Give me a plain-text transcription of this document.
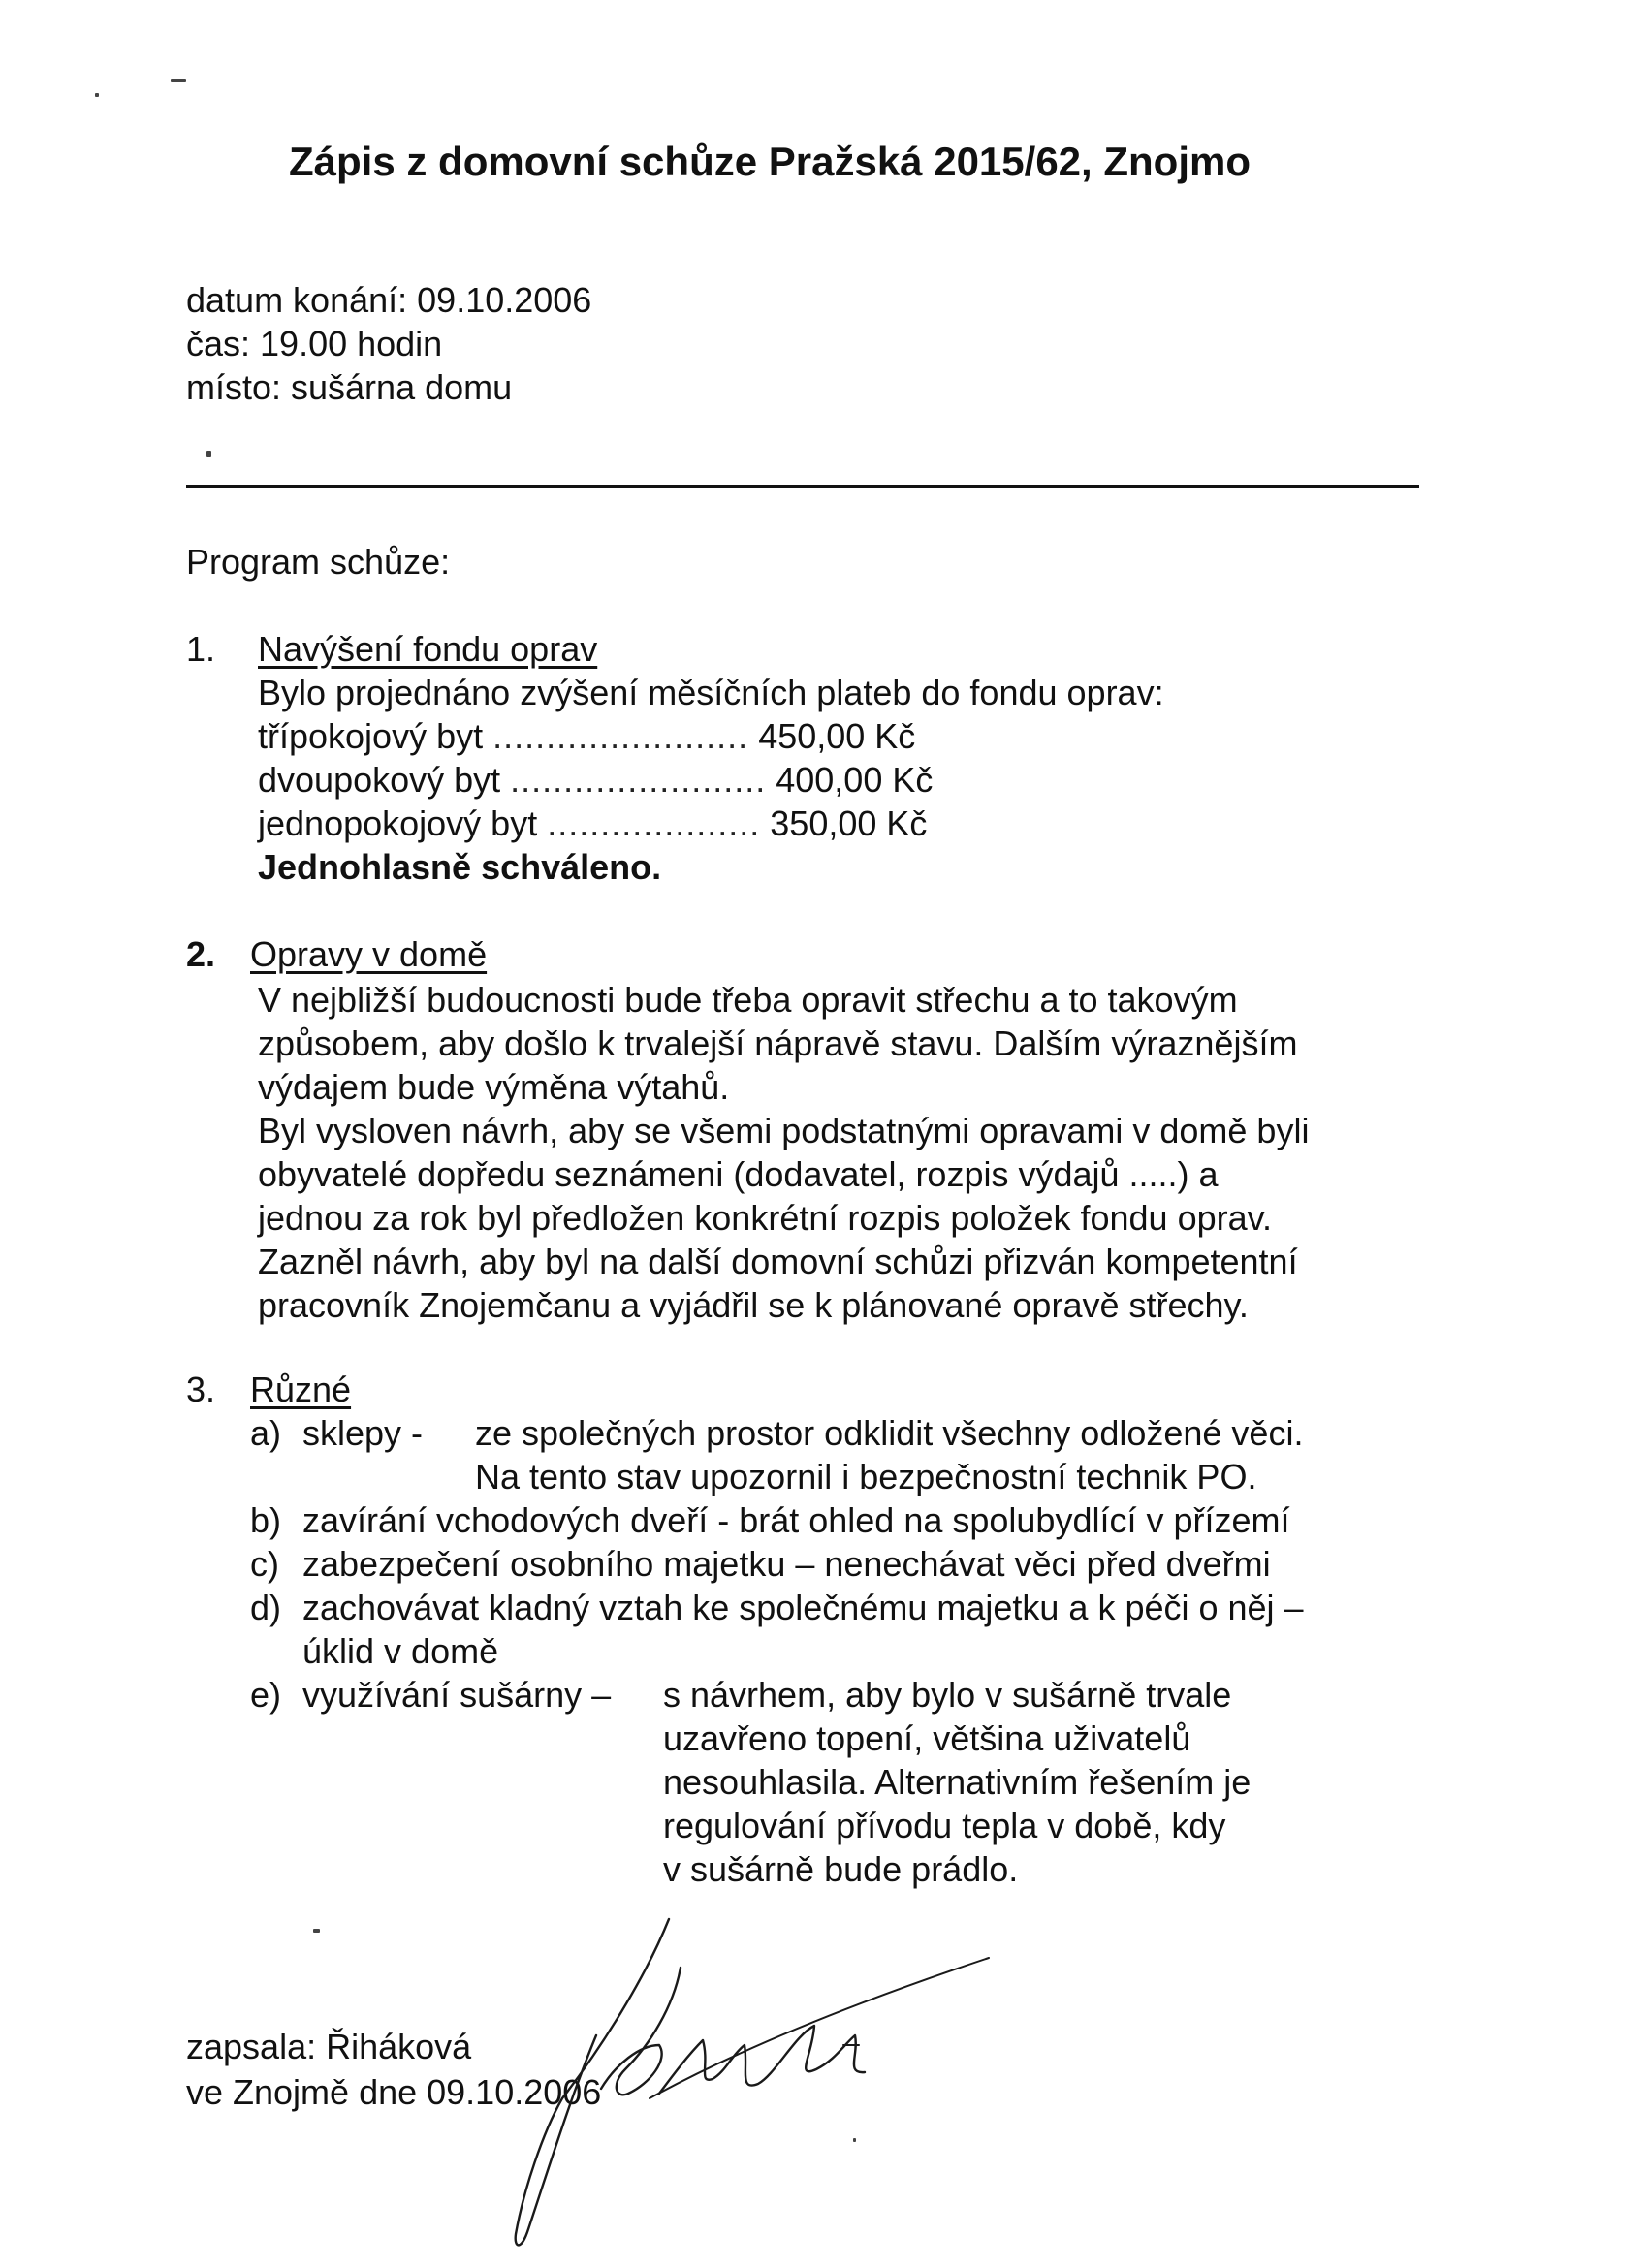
Zápis z domovní schůze Pražská 2015/62, Znojmo
datum konání: 09.10.2006
čas: 19.00 hodin
místo: sušárna domu
Program schůze:
1. Navýšení fondu oprav
Bylo projednáno zvýšení měsíčních plateb do fondu oprav:
třípokojový byt ........................ 450,00 Kč
dvoupokový byt ........................ 400,00 Kč
jednopokojový byt .................... 350,00 Kč
Jednohlasně schváleno.
2. Opravy v domě
V nejbližší budoucnosti bude třeba opravit střechu a to takovým
způsobem, aby došlo k trvalejší nápravě stavu. Dalším výraznějším
výdajem bude výměna výtahů.
Byl vysloven návrh, aby se všemi podstatnými opravami v domě byli
obyvatelé dopředu seznámeni (dodavatel, rozpis výdajů .....) a
jednou za rok byl předložen konkrétní rozpis položek fondu oprav.
Zazněl návrh, aby byl na další domovní schůzi přizván kompetentní
pracovník Znojemčanu a vyjádřil se k plánované opravě střechy.
3. Různé
a) sklepy - ze společných prostor odklidit všechny odložené věci.
Na tento stav upozornil i bezpečnostní technik PO.
b) zavírání vchodových dveří - brát ohled na spolubydlící v přízemí
c) zabezpečení osobního majetku – nenechávat věci před dveřmi
d) zachovávat kladný vztah ke společnému majetku a k péči o něj –
úklid v domě
e) využívání sušárny – s návrhem, aby bylo v sušárně trvale
uzavřeno topení, většina uživatelů
nesouhlasila. Alternativním řešením je
regulování přívodu tepla v době, kdy
v sušárně bude prádlo.
zapsala: Řiháková
ve Znojmě dne 09.10.2006
